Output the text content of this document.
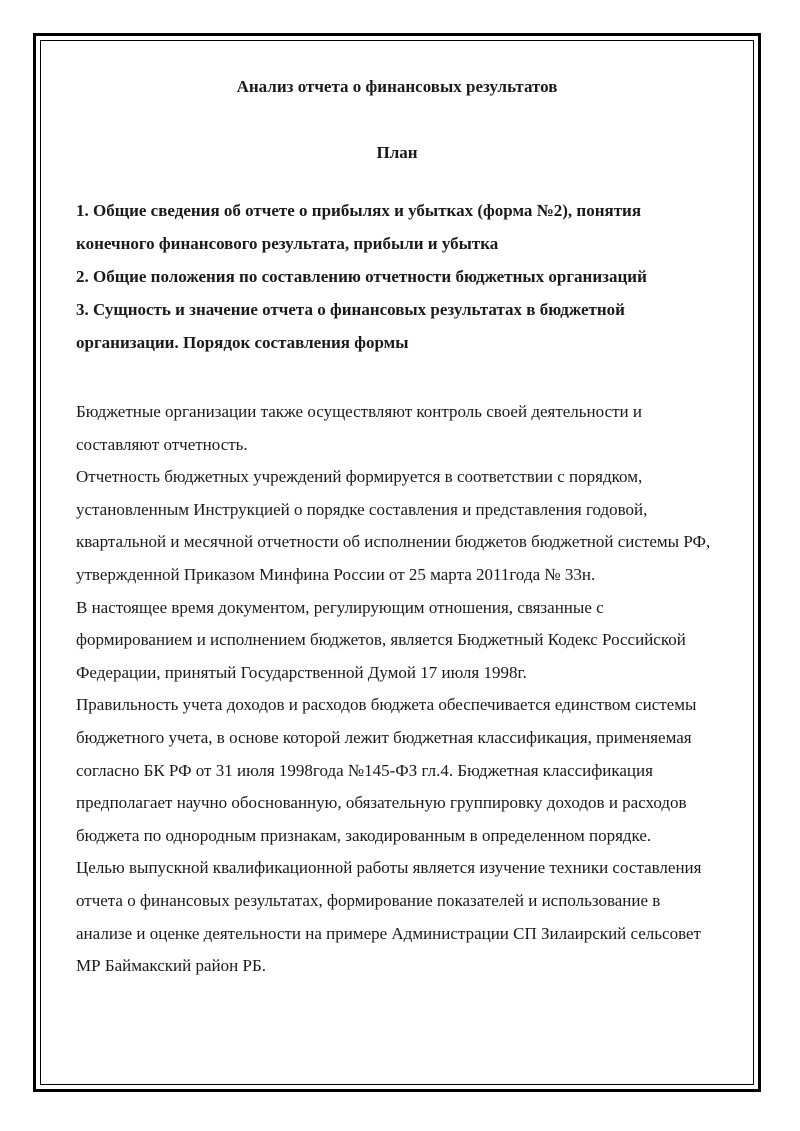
Анализ отчета о финансовых результатов
План
1. Общие сведения об отчете о прибылях и убытках (форма №2), понятия конечного финансового результата, прибыли и убытка
2. Общие положения по составлению отчетности бюджетных организаций
3. Сущность и значение отчета о финансовых результатах в бюджетной организации. Порядок составления формы

Бюджетные организации также осуществляют контроль своей деятельности и составляют отчетность.

Отчетность бюджетных учреждений формируется в соответствии с порядком, установленным Инструкцией о порядке составления и представления годовой, квартальной и месячной отчетности об исполнении бюджетов бюджетной системы РФ, утвержденной Приказом Минфина России от 25 марта 2011года № 33н.

В настоящее время документом, регулирующим отношения, связанные с формированием и исполнением бюджетов, является Бюджетный Кодекс Российской Федерации, принятый Государственной Думой 17 июля 1998г.

Правильность учета доходов и расходов бюджета обеспечивается единством системы бюджетного учета, в основе которой лежит бюджетная классификация, применяемая согласно БК РФ от 31 июля 1998года №145-ФЗ гл.4. Бюджетная классификация предполагает научно обоснованную, обязательную группировку доходов и расходов бюджета по однородным признакам, закодированным в определенном порядке.

Целью выпускной квалификационной работы является изучение техники составления отчета о финансовых результатах, формирование показателей и использование в анализе и оценке деятельности на примере Администрации СП Зилаирский сельсовет МР Баймакский район РБ.
